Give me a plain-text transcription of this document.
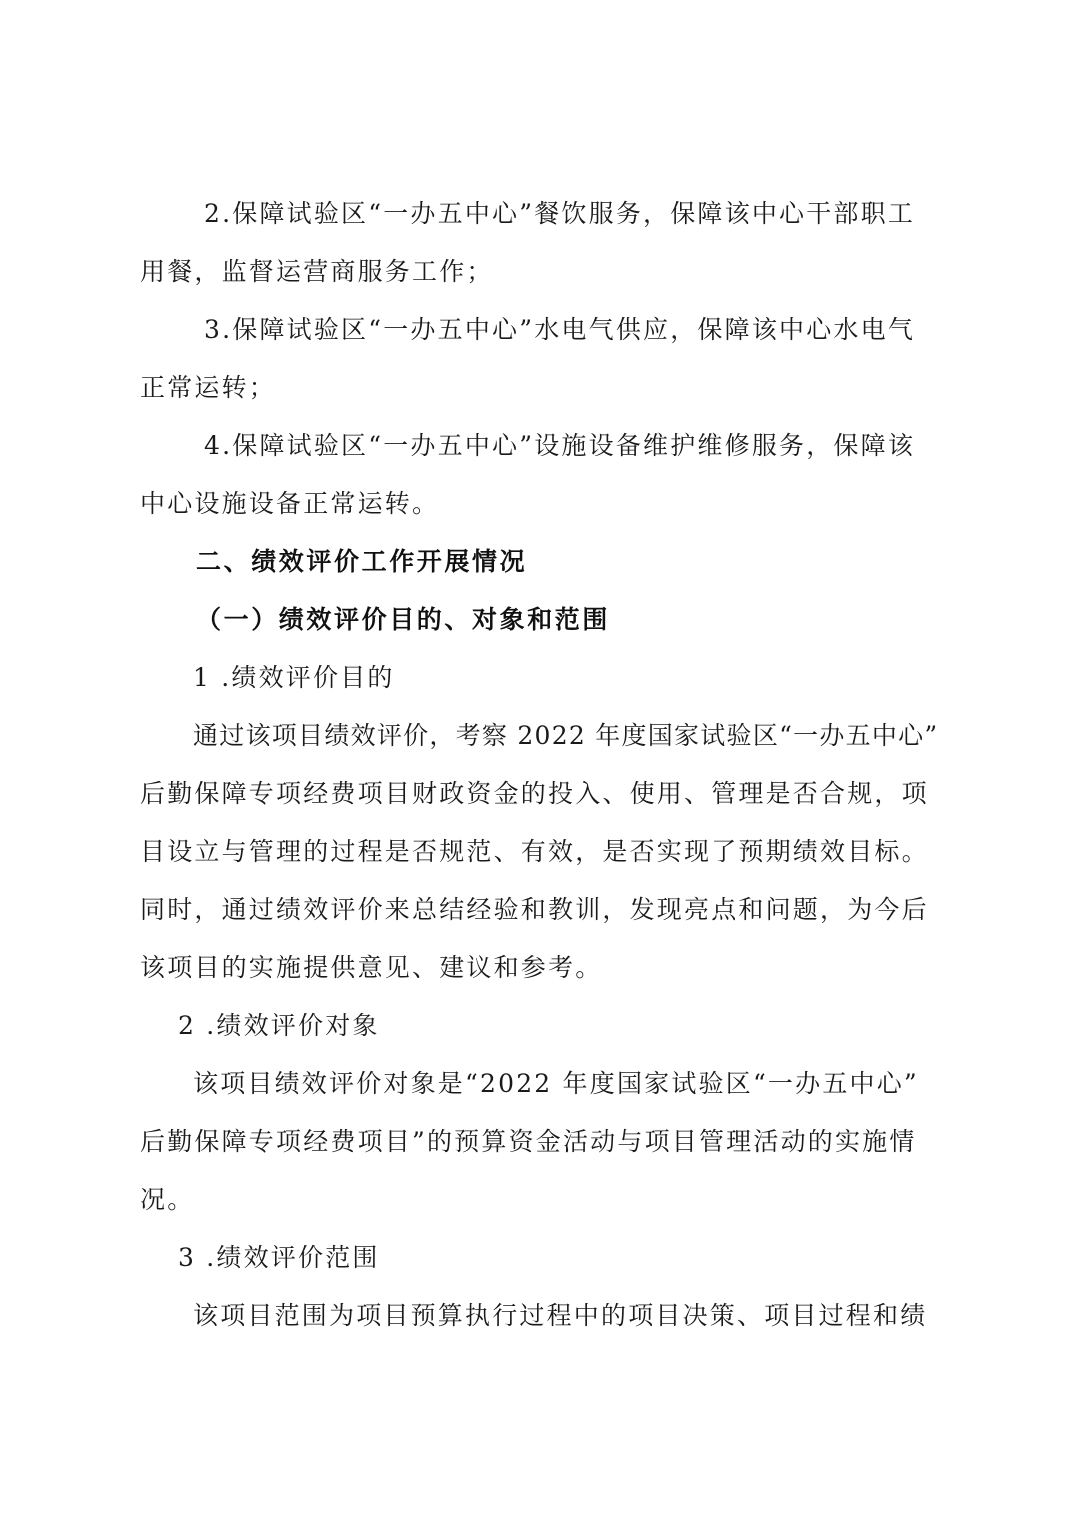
2.保障试验区“一办五中心”餐饮服务，保障该中心干部职工
用餐，监督运营商服务工作；
3.保障试验区“一办五中心”水电气供应，保障该中心水电气
正常运转；
4.保障试验区“一办五中心”设施设备维护维修服务，保障该
中心设施设备正常运转。
二、绩效评价工作开展情况
（一）绩效评价目的、对象和范围
1 .绩效评价目的
通过该项目绩效评价，考察 2022 年度国家试验区“一办五中心”
后勤保障专项经费项目财政资金的投入、使用、管理是否合规，项
目设立与管理的过程是否规范、有效，是否实现了预期绩效目标。
同时，通过绩效评价来总结经验和教训，发现亮点和问题，为今后
该项目的实施提供意见、建议和参考。
2 .绩效评价对象
该项目绩效评价对象是“2022 年度国家试验区“一办五中心”
后勤保障专项经费项目”的预算资金活动与项目管理活动的实施情
况。
3 .绩效评价范围
该项目范围为项目预算执行过程中的项目决策、项目过程和绩
